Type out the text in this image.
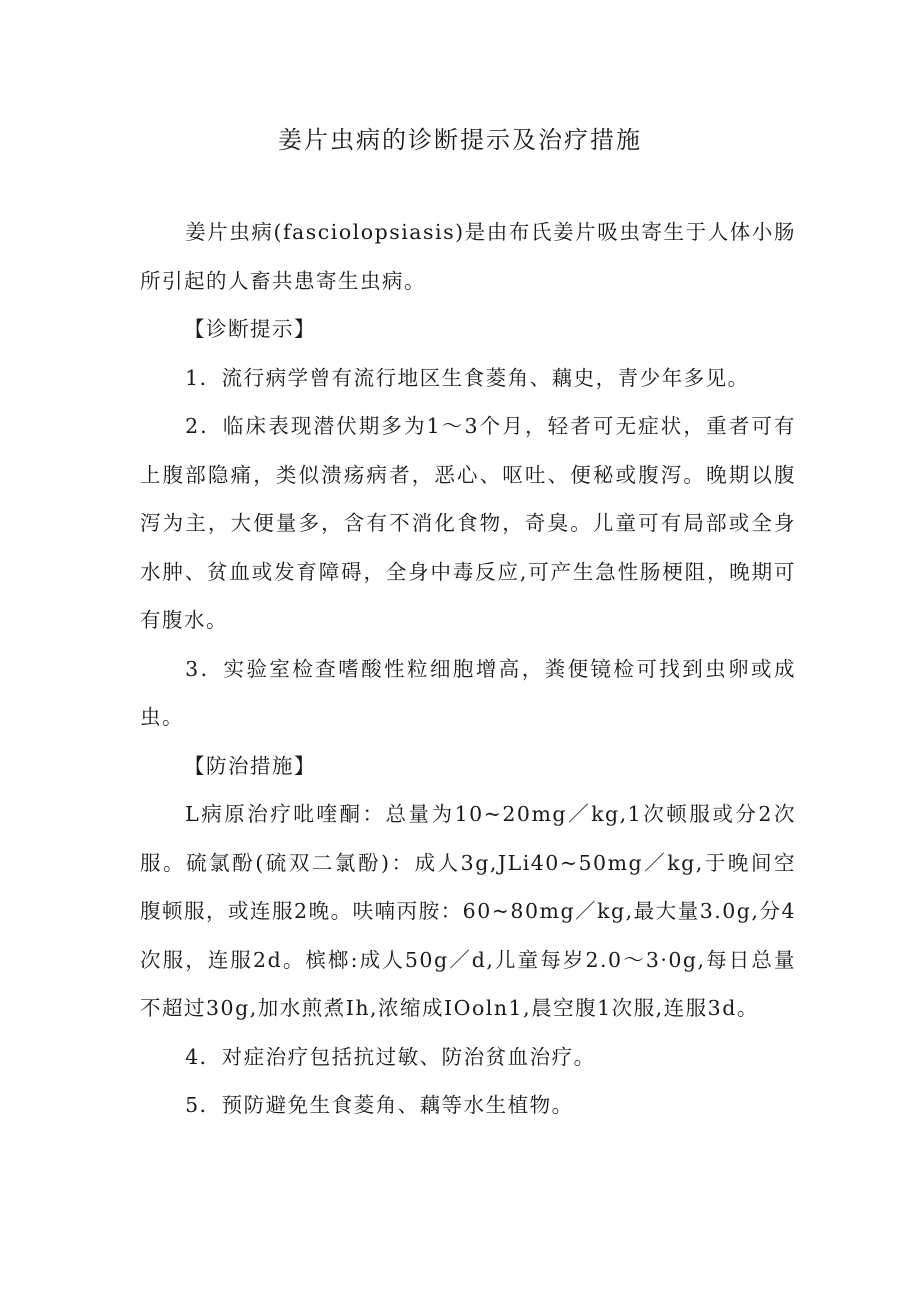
姜片虫病的诊断提示及治疗措施

姜片虫病(fasciolopsiasis)是由布氏姜片吸虫寄生于人体小肠所引起的人畜共患寄生虫病。

【诊断提示】

1．流行病学曾有流行地区生食菱角、藕史，青少年多见。

2．临床表现潜伏期多为1～3个月，轻者可无症状，重者可有上腹部隐痛，类似溃疡病者，恶心、呕吐、便秘或腹泻。晚期以腹泻为主，大便量多，含有不消化食物，奇臭。儿童可有局部或全身水肿、贫血或发育障碍，全身中毒反应,可产生急性肠梗阻，晚期可有腹水。

3．实验室检查嗜酸性粒细胞增高，粪便镜检可找到虫卵或成虫。

【防治措施】

L病原治疗吡喹酮：总量为10~20mg／kg,1次顿服或分2次服。硫氯酚(硫双二氯酚)：成人3g,JLi40~50mg／kg,于晚间空腹顿服，或连服2晚。呋喃丙胺：60~80mg／kg,最大量3.0g,分4次服，连服2d。槟榔:成人50g／d,儿童每岁2.0～3·0g,每日总量不超过30g,加水煎煮Ih,浓缩成IOoln1,晨空腹1次服,连服3d。

4．对症治疗包括抗过敏、防治贫血治疗。

5．预防避免生食菱角、藕等水生植物。
